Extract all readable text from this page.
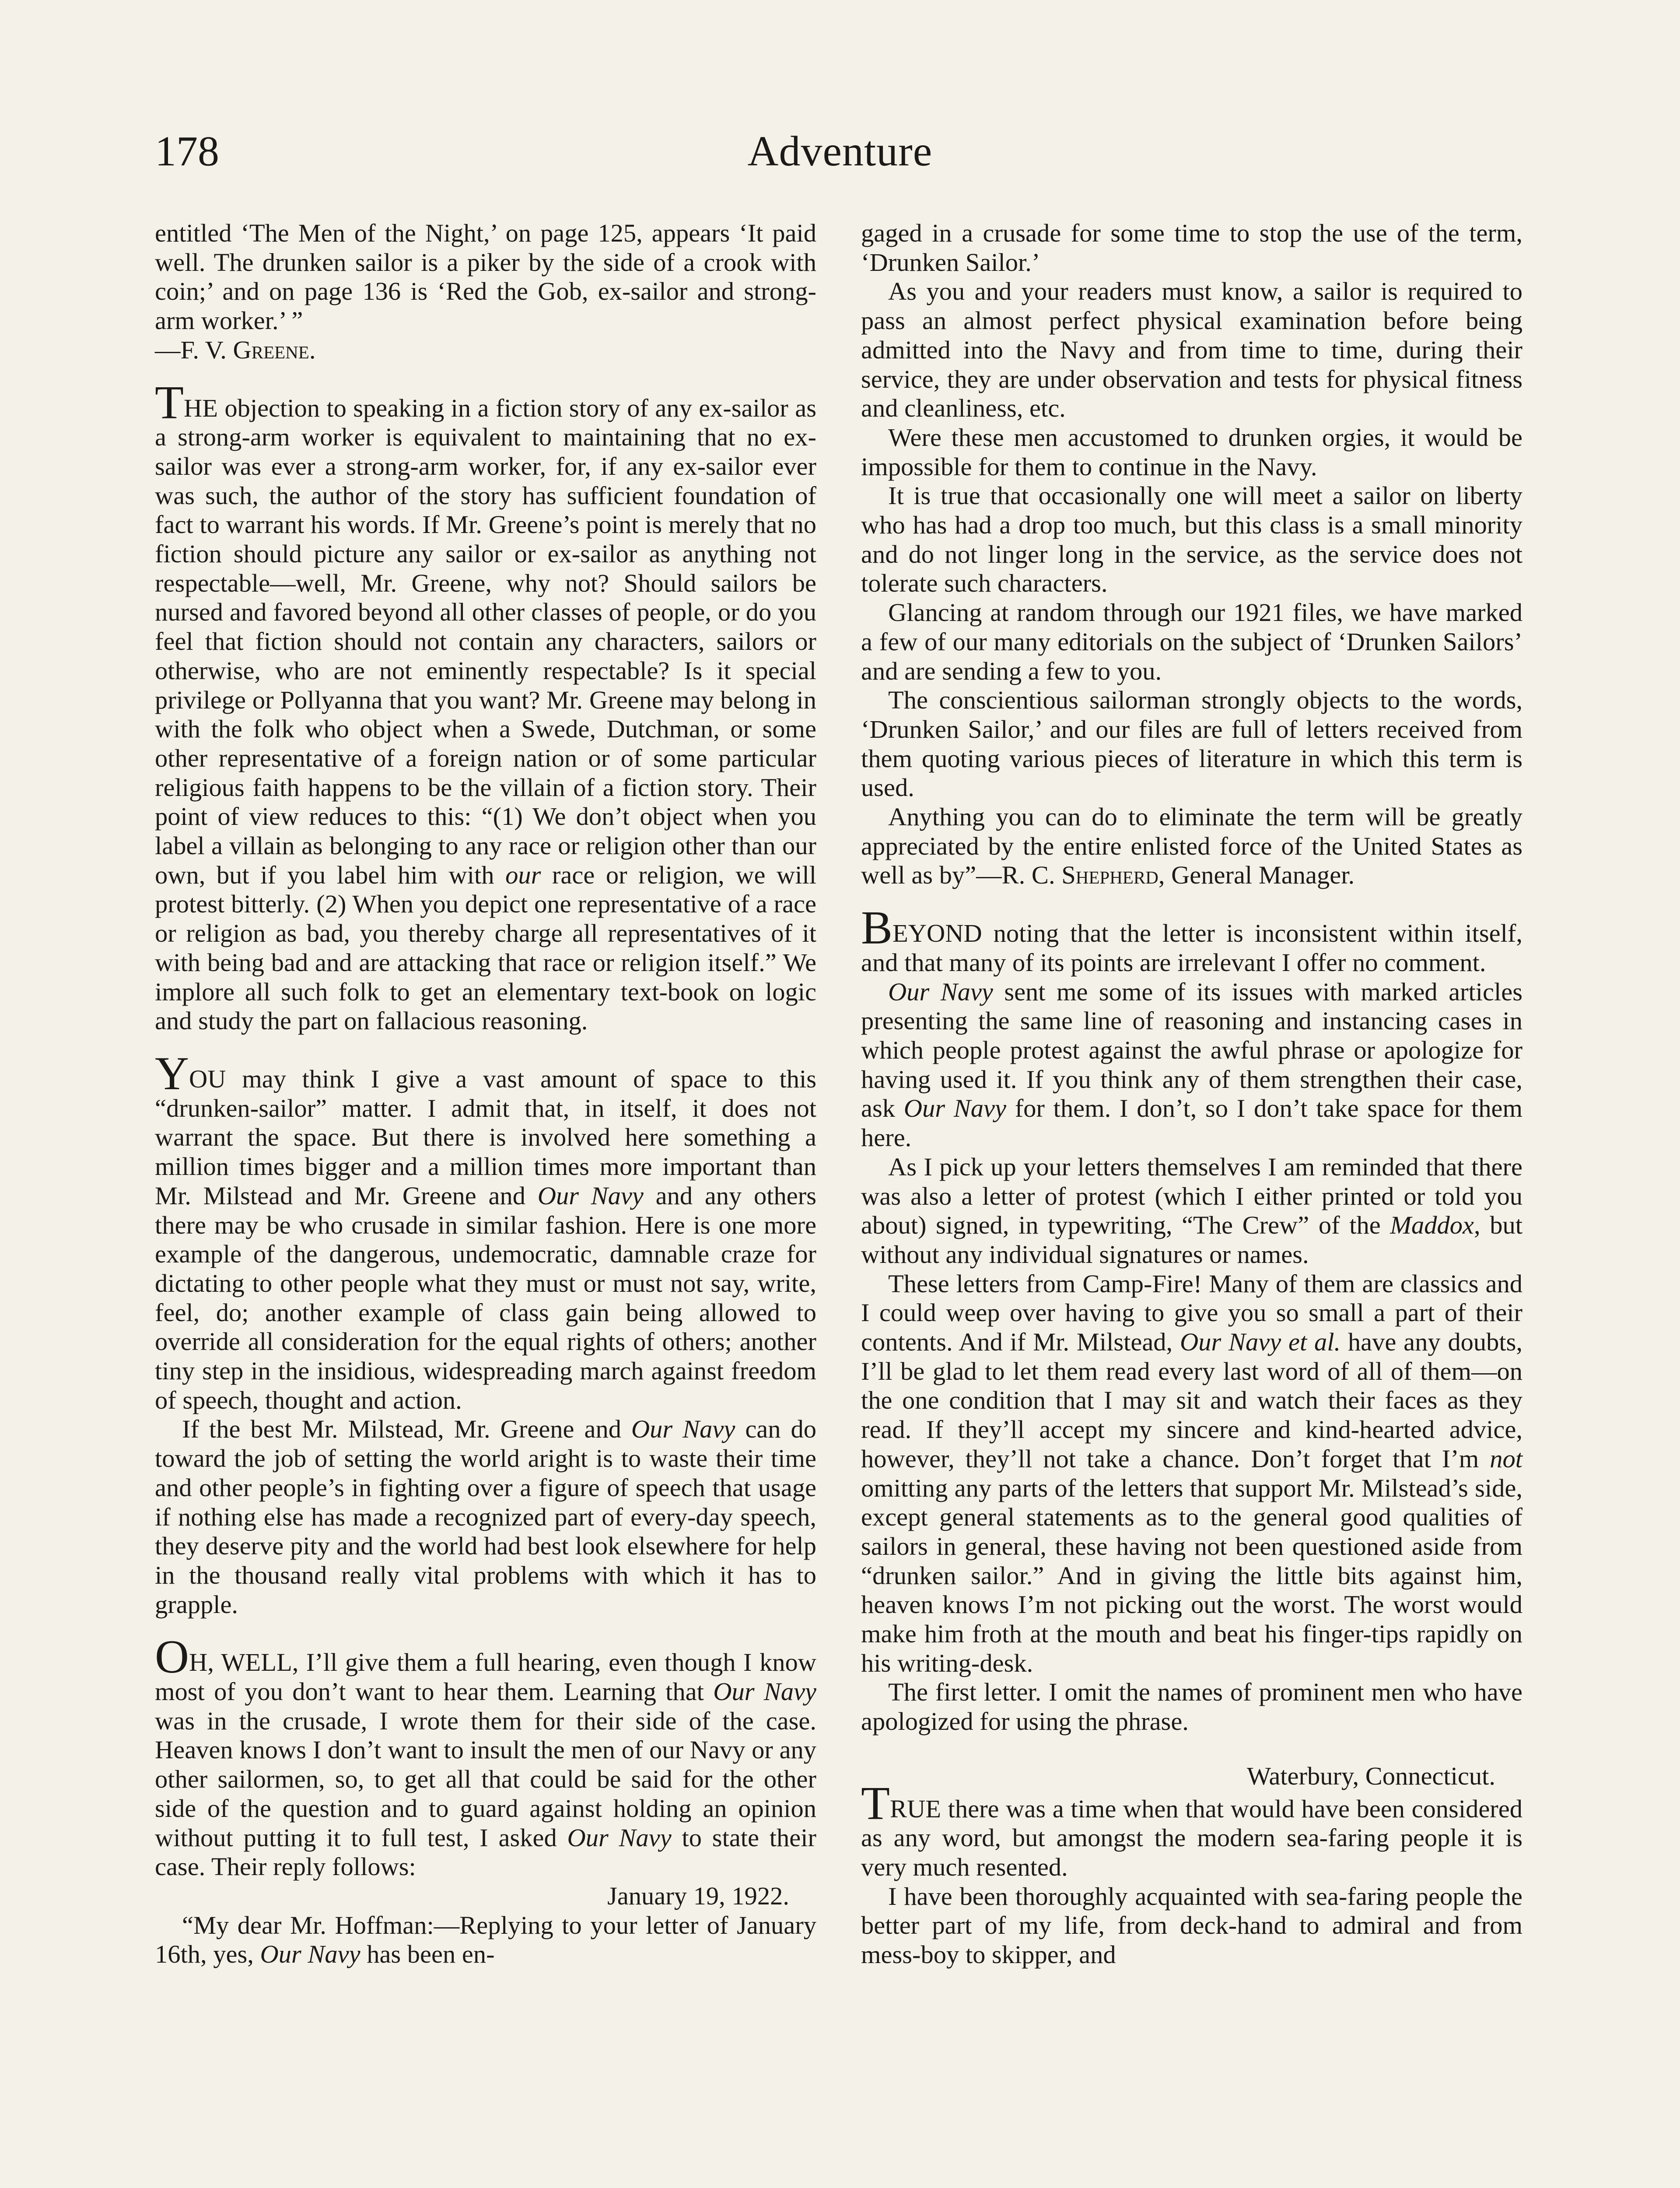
178	Adventure

entitled ‘The Men of the Night,’ on page 125, appears ‘It paid well. The drunken sailor is a piker by the side of a crook with coin;’ and on page 136 is ‘Red the Gob, ex-sailor and strong-arm worker.’ ”

—F. V. Greene.

THE objection to speaking in a fiction story of any ex-sailor as a strong-arm worker is equivalent to maintaining that no ex-sailor was ever a strong-arm worker, for, if any ex-sailor ever was such, the author of the story has sufficient foundation of fact to warrant his words. If Mr. Greene’s point is merely that no fiction should picture any sailor or ex-sailor as anything not respectable—well, Mr. Greene, why not? Should sailors be nursed and favored beyond all other classes of people, or do you feel that fiction should not contain any characters, sailors or otherwise, who are not eminently respectable? Is it special privilege or Pollyanna that you want? Mr. Greene may belong in with the folk who object when a Swede, Dutchman, or some other representative of a foreign nation or of some particular religious faith happens to be the villain of a fiction story. Their point of view reduces to this: “(1) We don’t object when you label a villain as belonging to any race or religion other than our own, but if you label him with our race or religion, we will protest bitterly. (2) When you depict one representative of a race or religion as bad, you thereby charge all representatives of it with being bad and are attacking that race or religion itself.” We implore all such folk to get an elementary text-book on logic and study the part on fallacious reasoning.

YOU may think I give a vast amount of space to this “drunken-sailor” matter. I admit that, in itself, it does not warrant the space. But there is involved here something a million times bigger and a million times more important than Mr. Milstead and Mr. Greene and Our Navy and any others there may be who crusade in similar fashion. Here is one more example of the dangerous, undemocratic, damnable craze for dictating to other people what they must or must not say, write, feel, do; another example of class gain being allowed to override all consideration for the equal rights of others; another tiny step in the insidious, widespreading march against freedom of speech, thought and action.

If the best Mr. Milstead, Mr. Greene and Our Navy can do toward the job of setting the world aright is to waste their time and other people’s in fighting over a figure of speech that usage if nothing else has made a recognized part of every-day speech, they deserve pity and the world had best look elsewhere for help in the thousand really vital problems with which it has to grapple.

OH, WELL, I’ll give them a full hearing, even though I know most of you don’t want to hear them. Learning that Our Navy was in the crusade, I wrote them for their side of the case. Heaven knows I don’t want to insult the men of our Navy or any other sailormen, so, to get all that could be said for the other side of the question and to guard against holding an opinion without putting it to full test, I asked Our Navy to state their case. Their reply follows:

January 19, 1922.

“My dear Mr. Hoffman:—Replying to your letter of January 16th, yes, Our Navy has been en-

gaged in a crusade for some time to stop the use of the term, ‘Drunken Sailor.’

As you and your readers must know, a sailor is required to pass an almost perfect physical examination before being admitted into the Navy and from time to time, during their service, they are under observation and tests for physical fitness and cleanliness, etc.

Were these men accustomed to drunken orgies, it would be impossible for them to continue in the Navy.

It is true that occasionally one will meet a sailor on liberty who has had a drop too much, but this class is a small minority and do not linger long in the service, as the service does not tolerate such characters.

Glancing at random through our 1921 files, we have marked a few of our many editorials on the subject of ‘Drunken Sailors’ and are sending a few to you.

The conscientious sailorman strongly objects to the words, ‘Drunken Sailor,’ and our files are full of letters received from them quoting various pieces of literature in which this term is used.

Anything you can do to eliminate the term will be greatly appreciated by the entire enlisted force of the United States as well as by”—R. C. Shepherd, General Manager.

BEYOND noting that the letter is inconsistent within itself, and that many of its points are irrelevant I offer no comment.

Our Navy sent me some of its issues with marked articles presenting the same line of reasoning and instancing cases in which people protest against the awful phrase or apologize for having used it. If you think any of them strengthen their case, ask Our Navy for them. I don’t, so I don’t take space for them here.

As I pick up your letters themselves I am reminded that there was also a letter of protest (which I either printed or told you about) signed, in typewriting, “The Crew” of the Maddox, but without any individual signatures or names.

These letters from Camp-Fire! Many of them are classics and I could weep over having to give you so small a part of their contents. And if Mr. Milstead, Our Navy et al. have any doubts, I’ll be glad to let them read every last word of all of them—on the one condition that I may sit and watch their faces as they read. If they’ll accept my sincere and kind-hearted advice, however, they’ll not take a chance. Don’t forget that I’m not omitting any parts of the letters that support Mr. Milstead’s side, except general statements as to the general good qualities of sailors in general, these having not been questioned aside from “drunken sailor.” And in giving the little bits against him, heaven knows I’m not picking out the worst. The worst would make him froth at the mouth and beat his finger-tips rapidly on his writing-desk.

The first letter. I omit the names of prominent men who have apologized for using the phrase.

Waterbury, Connecticut.

TRUE there was a time when that would have been considered as any word, but amongst the modern sea-faring people it is very much resented.

I have been thoroughly acquainted with sea-faring people the better part of my life, from deck-hand to admiral and from mess-boy to skipper, and
